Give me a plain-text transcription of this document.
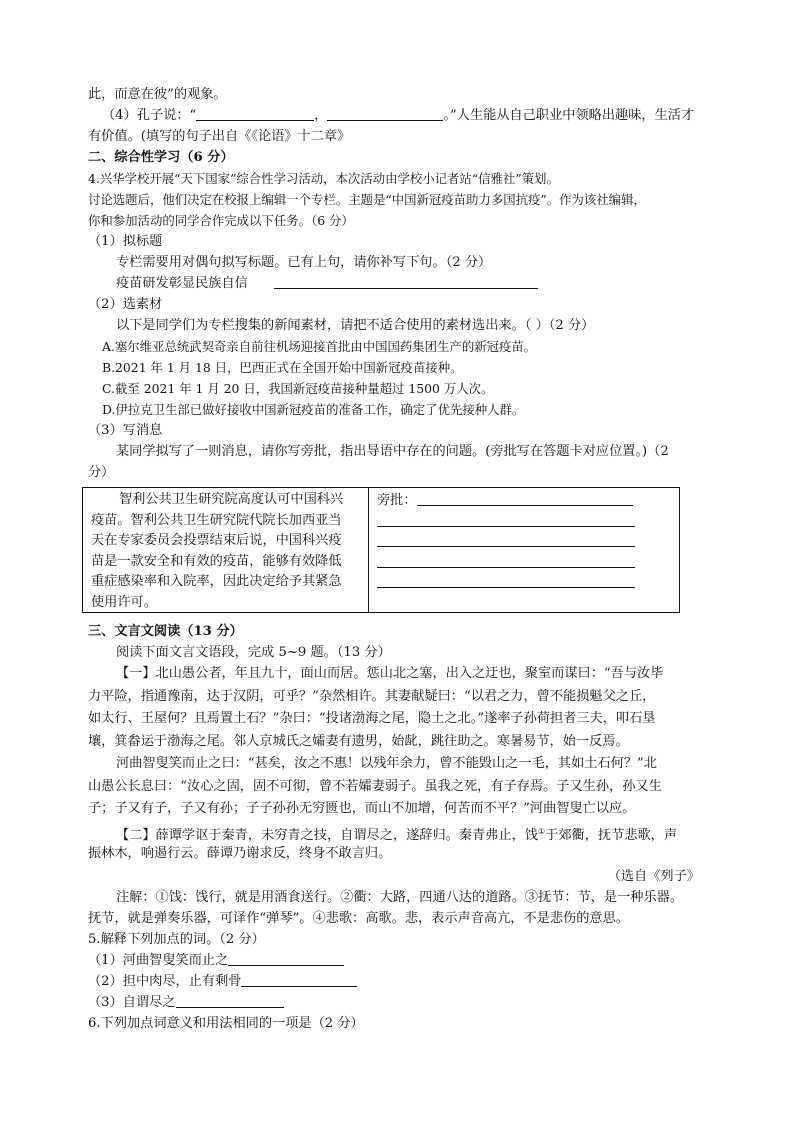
此，而意在彼”的观象。
（4）孔子说：“	，	。”人生能从自己职业中领略出趣味，生活才
有价值。(填写的句子出自《《论语》十二章》
二、综合性学习（6 分）
4.兴华学校开展“天下国家”综合性学习活动，本次活动由学校小记者站“信雅社”策划。
讨论选题后，他们决定在校报上编辑一个专栏。主题是“中国新冠疫苗助力多国抗疫”。作为该社编辑，
你和参加活动的同学合作完成以下任务。（6 分）
（1）拟标题
专栏需要用对偶句拟写标题。已有上句，请你补写下句。（2 分）
疫苗研发彰显民族自信
（2）选素材
以下是同学们为专栏搜集的新闻素材，请把不适合使用的素材选出来。（ ）（2 分）
A.塞尔维亚总统武契奇亲自前往机场迎接首批由中国国药集团生产的新冠疫苗。
B.2021 年 1 月 18 日，巴西正式在全国开始中国新冠疫苗接种。
C.截至 2021 年 1 月 20 日，我国新冠疫苗接种量超过 1500 万人次。
D.伊拉克卫生部已做好接收中国新冠疫苗的准备工作，确定了优先接种人群。
（3）写消息
某同学拟写了一则消息，请你写旁批，指出导语中存在的问题。(旁批写在答题卡对应位置。)（2
分）
智利公共卫生研究院高度认可中国科兴
疫苗。智利公共卫生研究院代院长加西亚当
天在专家委员会投票结束后说，中国科兴疫
苗是一款安全和有效的疫苗，能够有效降低
重症感染率和入院率，因此决定给予其紧急
使用许可。
旁批：
三、文言文阅读（13 分）
阅读下面文言文语段，完成 5~9 题。（13 分）
【一】北山愚公者，年且九十，面山而居。惩山北之塞，出入之迂也，聚室而谋曰：“吾与汝毕
力平险，指通豫南，达于汉阴，可乎？”杂然相许。其妻献疑曰：“以君之力，曾不能损魁父之丘，
如太行、王屋何？且焉置土石？”杂曰：“投诸渤海之尾，隐土之北。”遂率子孙荷担者三夫，叩石垦
壤，箕畚运于渤海之尾。邻人京城氏之孀妻有遗男，始龀，跳往助之。寒暑易节，始一反焉。
河曲智叟笑而止之曰：“甚矣，汝之不惠！以残年余力，曾不能毁山之一毛，其如土石何？”北
山愚公长息曰：“汝心之固，固不可彻，曾不若孀妻弱子。虽我之死，有子存焉。子又生孙，孙又生
子；子又有子，子又有孙；子子孙孙无穷匮也，而山不加增，何苦而不平？”河曲智叟亡以应。
【二】薛谭学讴于秦青，未穷青之技，自谓尽之，遂辞归。秦青弗止，饯①于郊衢，抚节悲歌，声
振林木，响遏行云。薛谭乃谢求反，终身不敢言归。
（选自《列子》
注解：①饯：饯行，就是用酒食送行。②衢：大路，四通八达的道路。③抚节：节，是一种乐器。
抚节，就是弹奏乐器，可译作“弹琴”。④悲歌：高歌。悲，表示声音高亢，不是悲伤的意思。
5.解释下列加点的词。（2 分）
（1）河曲智叟笑而止之
（2）担中肉尽，止有剩骨
（3）自谓尽之
6.下列加点词意义和用法相同的一项是（2 分）
